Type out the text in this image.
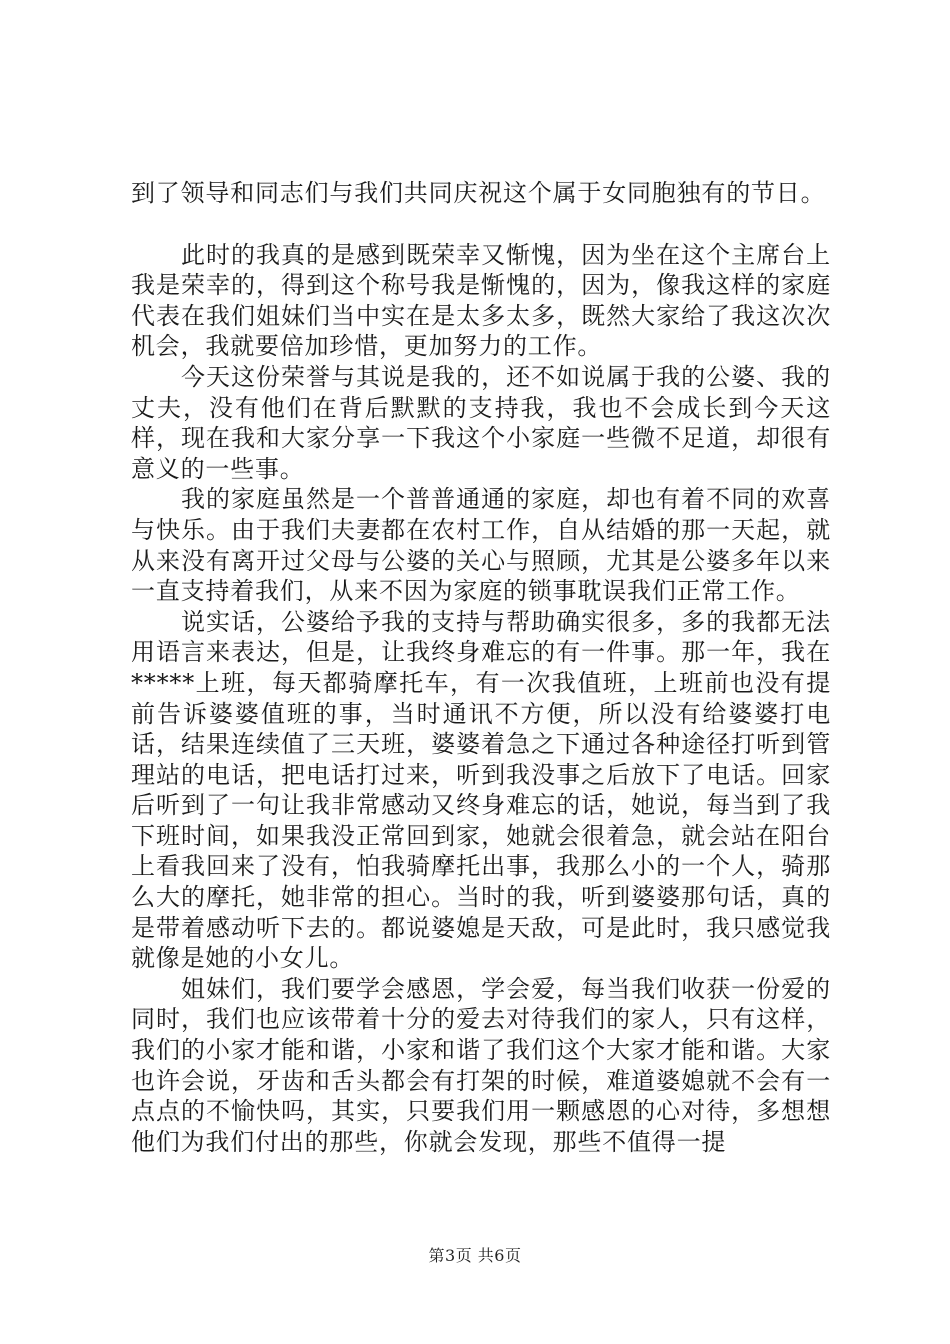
到了领导和同志们与我们共同庆祝这个属于女同胞独有的节日。

此时的我真的是感到既荣幸又惭愧，因为坐在这个主席台上我是荣幸的，得到这个称号我是惭愧的，因为，像我这样的家庭代表在我们姐妹们当中实在是太多太多，既然大家给了我这次次机会，我就要倍加珍惜，更加努力的工作。

今天这份荣誉与其说是我的，还不如说属于我的公婆、我的丈夫，没有他们在背后默默的支持我，我也不会成长到今天这样，现在我和大家分享一下我这个小家庭一些微不足道，却很有意义的一些事。

我的家庭虽然是一个普普通通的家庭，却也有着不同的欢喜与快乐。由于我们夫妻都在农村工作，自从结婚的那一天起，就从来没有离开过父母与公婆的关心与照顾，尤其是公婆多年以来一直支持着我们，从来不因为家庭的锁事耽误我们正常工作。

说实话，公婆给予我的支持与帮助确实很多，多的我都无法用语言来表达，但是，让我终身难忘的有一件事。那一年，我在*****上班，每天都骑摩托车，有一次我值班，上班前也没有提前告诉婆婆值班的事，当时通讯不方便，所以没有给婆婆打电话，结果连续值了三天班，婆婆着急之下通过各种途径打听到管理站的电话，把电话打过来，听到我没事之后放下了电话。回家后听到了一句让我非常感动又终身难忘的话，她说，每当到了我下班时间，如果我没正常回到家，她就会很着急，就会站在阳台上看我回来了没有，怕我骑摩托出事，我那么小的一个人，骑那么大的摩托，她非常的担心。当时的我，听到婆婆那句话，真的是带着感动听下去的。都说婆媳是天敌，可是此时，我只感觉我就像是她的小女儿。

姐妹们，我们要学会感恩，学会爱，每当我们收获一份爱的同时，我们也应该带着十分的爱去对待我们的家人，只有这样，我们的小家才能和谐，小家和谐了我们这个大家才能和谐。大家也许会说，牙齿和舌头都会有打架的时候，难道婆媳就不会有一点点的不愉快吗，其实，只要我们用一颗感恩的心对待，多想想他们为我们付出的那些，你就会发现，那些不值得一提

第3页 共6页
